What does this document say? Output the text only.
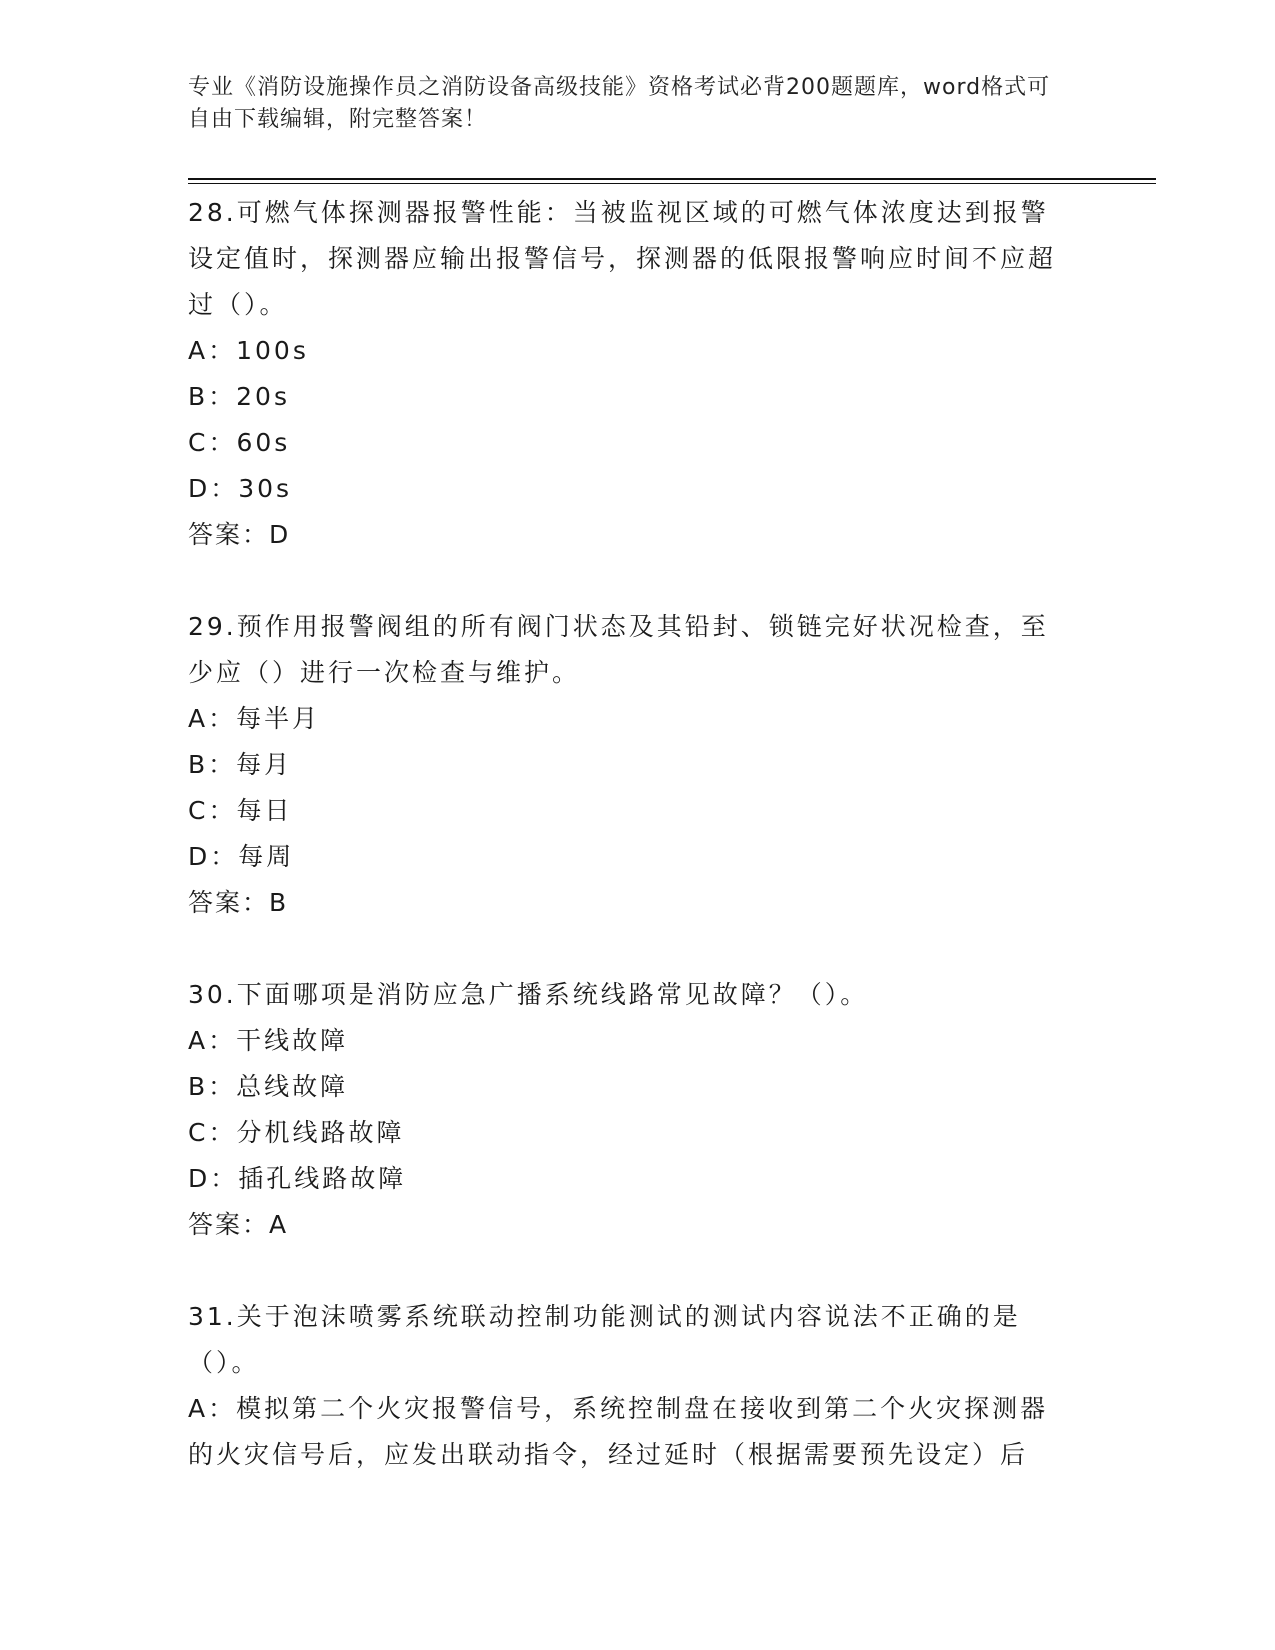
专业《消防设施操作员之消防设备高级技能》资格考试必背200题题库，word格式可自由下载编辑，附完整答案！

28.可燃气体探测器报警性能：当被监视区域的可燃气体浓度达到报警设定值时，探测器应输出报警信号，探测器的低限报警响应时间不应超过（）。

A：100s

B：20s

C：60s

D：30s

答案：D

29.预作用报警阀组的所有阀门状态及其铅封、锁链完好状况检查，至少应（）进行一次检查与维护。

A：每半月

B：每月

C：每日

D：每周

答案：B

30.下面哪项是消防应急广播系统线路常见故障？（）。

A：干线故障

B：总线故障

C：分机线路故障

D：插孔线路故障

答案：A

31.关于泡沫喷雾系统联动控制功能测试的测试内容说法不正确的是（）。

A：模拟第二个火灾报警信号，系统控制盘在接收到第二个火灾探测器的火灾信号后，应发出联动指令，经过延时（根据需要预先设定）后
